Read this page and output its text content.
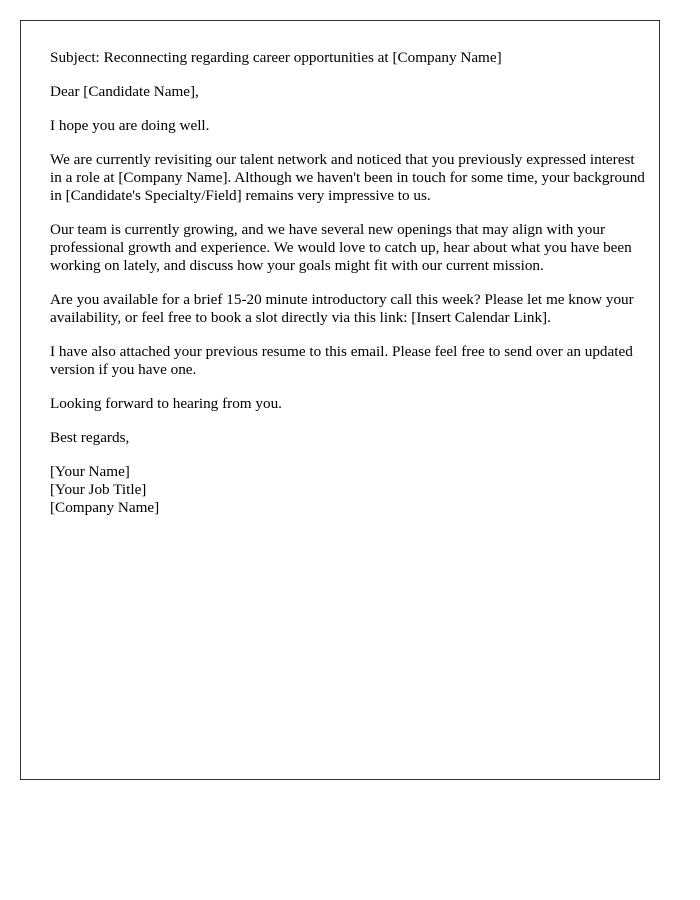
Subject: Reconnecting regarding career opportunities at [Company Name]

Dear [Candidate Name],

I hope you are doing well.

We are currently revisiting our talent network and noticed that you previously expressed interest in a role at [Company Name]. Although we haven't been in touch for some time, your background in [Candidate's Specialty/Field] remains very impressive to us.

Our team is currently growing, and we have several new openings that may align with your professional growth and experience. We would love to catch up, hear about what you have been working on lately, and discuss how your goals might fit with our current mission.

Are you available for a brief 15-20 minute introductory call this week? Please let me know your availability, or feel free to book a slot directly via this link: [Insert Calendar Link].

I have also attached your previous resume to this email. Please feel free to send over an updated version if you have one.

Looking forward to hearing from you.

Best regards,

[Your Name]
[Your Job Title]
[Company Name]
